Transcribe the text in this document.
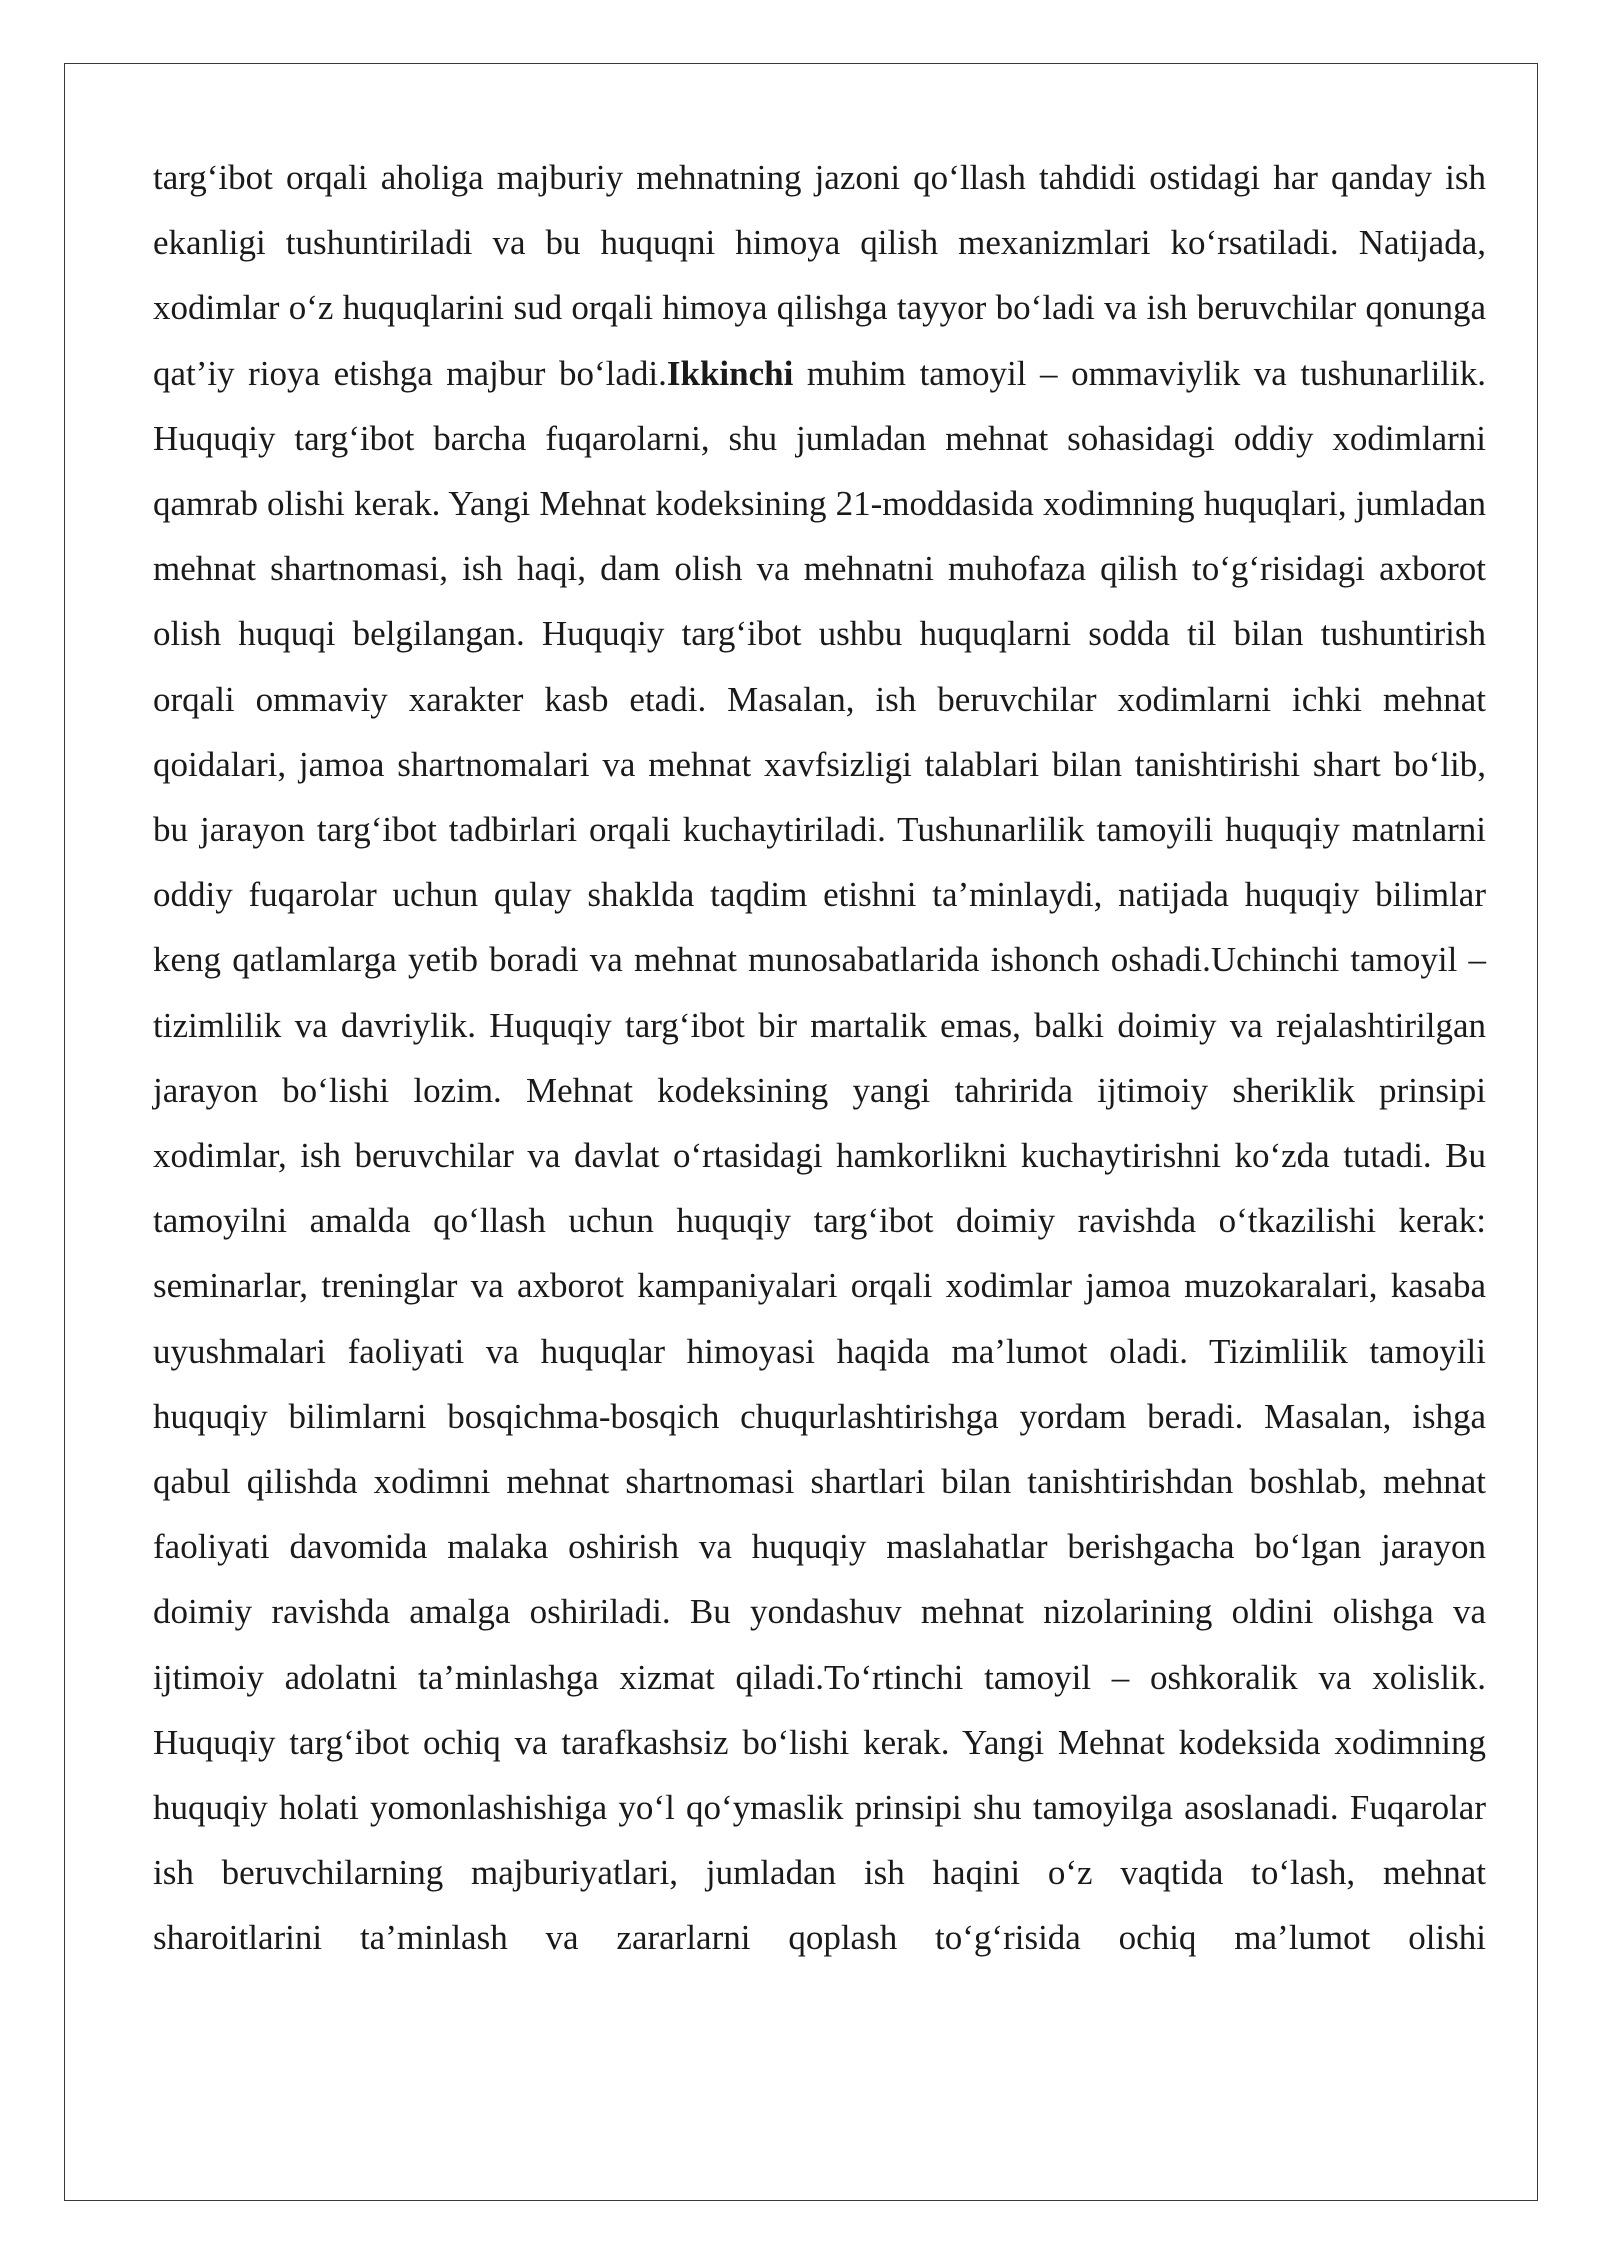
targ‘ibot orqali aholiga majburiy mehnatning jazoni qo‘llash tahdidi ostidagi har qanday ish ekanligi tushuntiriladi va bu huquqni himoya qilish mexanizmlari ko‘rsatiladi. Natijada, xodimlar o‘z huquqlarini sud orqali himoya qilishga tayyor bo‘ladi va ish beruvchilar qonunga qat’iy rioya etishga majbur bo‘ladi.Ikkinchi muhim tamoyil – ommaviylik va tushunarlilik. Huquqiy targ‘ibot barcha fuqarolarni, shu jumladan mehnat sohasidagi oddiy xodimlarni qamrab olishi kerak. Yangi Mehnat kodeksining 21-moddasida xodimning huquqlari, jumladan mehnat shartnomasi, ish haqi, dam olish va mehnatni muhofaza qilish to‘g‘risidagi axborot olish huquqi belgilangan. Huquqiy targ‘ibot ushbu huquqlarni sodda til bilan tushuntirish orqali ommaviy xarakter kasb etadi. Masalan, ish beruvchilar xodimlarni ichki mehnat qoidalari, jamoa shartnomalari va mehnat xavfsizligi talablari bilan tanishtirishi shart bo‘lib, bu jarayon targ‘ibot tadbirlari orqali kuchaytiriladi. Tushunarlilik tamoyili huquqiy matnlarni oddiy fuqarolar uchun qulay shaklda taqdim etishni ta’minlaydi, natijada huquqiy bilimlar keng qatlamlarga yetib boradi va mehnat munosabatlarida ishonch oshadi.Uchinchi tamoyil – tizimlilik va davriylik. Huquqiy targ‘ibot bir martalik emas, balki doimiy va rejalashtirilgan jarayon bo‘lishi lozim. Mehnat kodeksining yangi tahririda ijtimoiy sheriklik prinsipi xodimlar, ish beruvchilar va davlat o‘rtasidagi hamkorlikni kuchaytirishni ko‘zda tutadi. Bu tamoyilni amalda qo‘llash uchun huquqiy targ‘ibot doimiy ravishda o‘tkazilishi kerak: seminarlar, treninglar va axborot kampaniyalari orqali xodimlar jamoa muzokaralari, kasaba uyushmalari faoliyati va huquqlar himoyasi haqida ma’lumot oladi. Tizimlilik tamoyili huquqiy bilimlarni bosqichma-bosqich chuqurlashtirishga yordam beradi. Masalan, ishga qabul qilishda xodimni mehnat shartnomasi shartlari bilan tanishtirishdan boshlab, mehnat faoliyati davomida malaka oshirish va huquqiy maslahatlar berishgacha bo‘lgan jarayon doimiy ravishda amalga oshiriladi. Bu yondashuv mehnat nizolarining oldini olishga va ijtimoiy adolatni ta’minlashga xizmat qiladi.To‘rtinchi tamoyil – oshkoralik va xolislik. Huquqiy targ‘ibot ochiq va tarafkashsiz bo‘lishi kerak. Yangi Mehnat kodeksida xodimning huquqiy holati yomonlashishiga yo‘l qo‘ymaslik prinsipi shu tamoyilga asoslanadi. Fuqarolar ish beruvchilarning majburiyatlari, jumladan ish haqini o‘z vaqtida to‘lash, mehnat sharoitlarini ta’minlash va zararlarni qoplash to‘g‘risida ochiq ma’lumot olishi
